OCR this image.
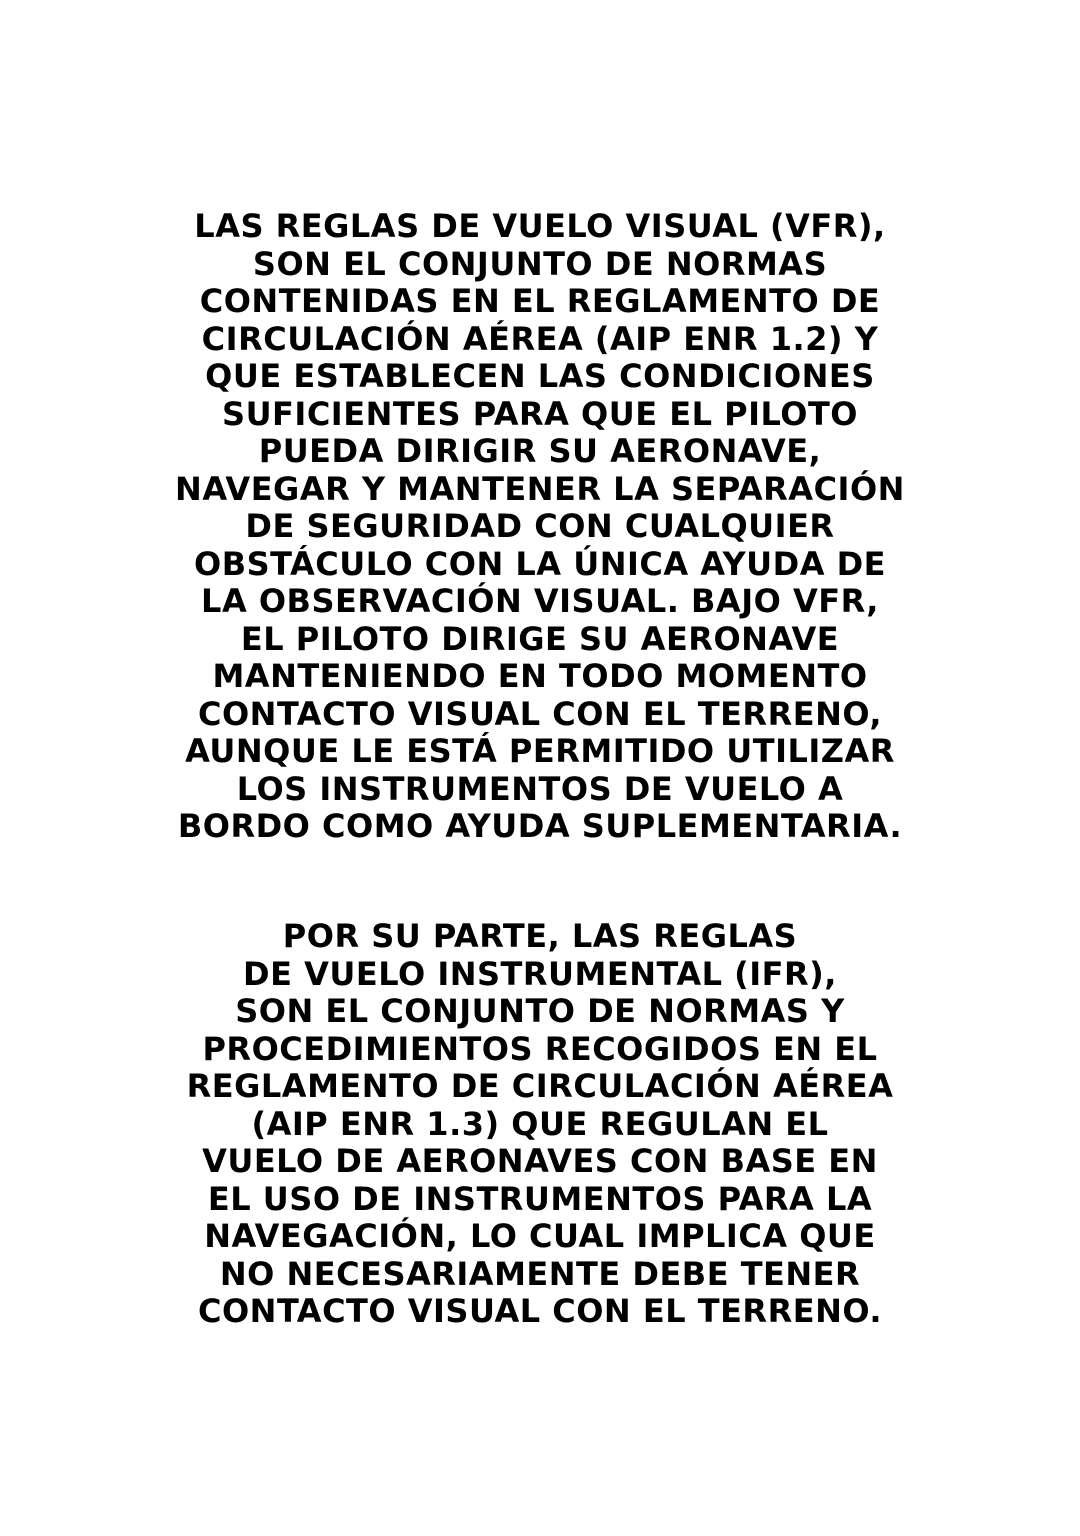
LAS REGLAS DE VUELO VISUAL (VFR),
SON EL CONJUNTO DE NORMAS
CONTENIDAS EN EL REGLAMENTO DE
CIRCULACIÓN AÉREA (AIP ENR 1.2) Y
QUE ESTABLECEN LAS CONDICIONES
SUFICIENTES PARA QUE EL PILOTO
PUEDA DIRIGIR SU AERONAVE,
NAVEGAR Y MANTENER LA SEPARACIÓN
DE SEGURIDAD CON CUALQUIER
OBSTÁCULO CON LA ÚNICA AYUDA DE
LA OBSERVACIÓN VISUAL. BAJO VFR,
EL PILOTO DIRIGE SU AERONAVE
MANTENIENDO EN TODO MOMENTO
CONTACTO VISUAL CON EL TERRENO,
AUNQUE LE ESTÁ PERMITIDO UTILIZAR
LOS INSTRUMENTOS DE VUELO A
BORDO COMO AYUDA SUPLEMENTARIA.
POR SU PARTE, LAS REGLAS
DE VUELO INSTRUMENTAL (IFR),
SON EL CONJUNTO DE NORMAS Y
PROCEDIMIENTOS RECOGIDOS EN EL
REGLAMENTO DE CIRCULACIÓN AÉREA
(AIP ENR 1.3) QUE REGULAN EL
VUELO DE AERONAVES CON BASE EN
EL USO DE INSTRUMENTOS PARA LA
NAVEGACIÓN, LO CUAL IMPLICA QUE
NO NECESARIAMENTE DEBE TENER
CONTACTO VISUAL CON EL TERRENO.
